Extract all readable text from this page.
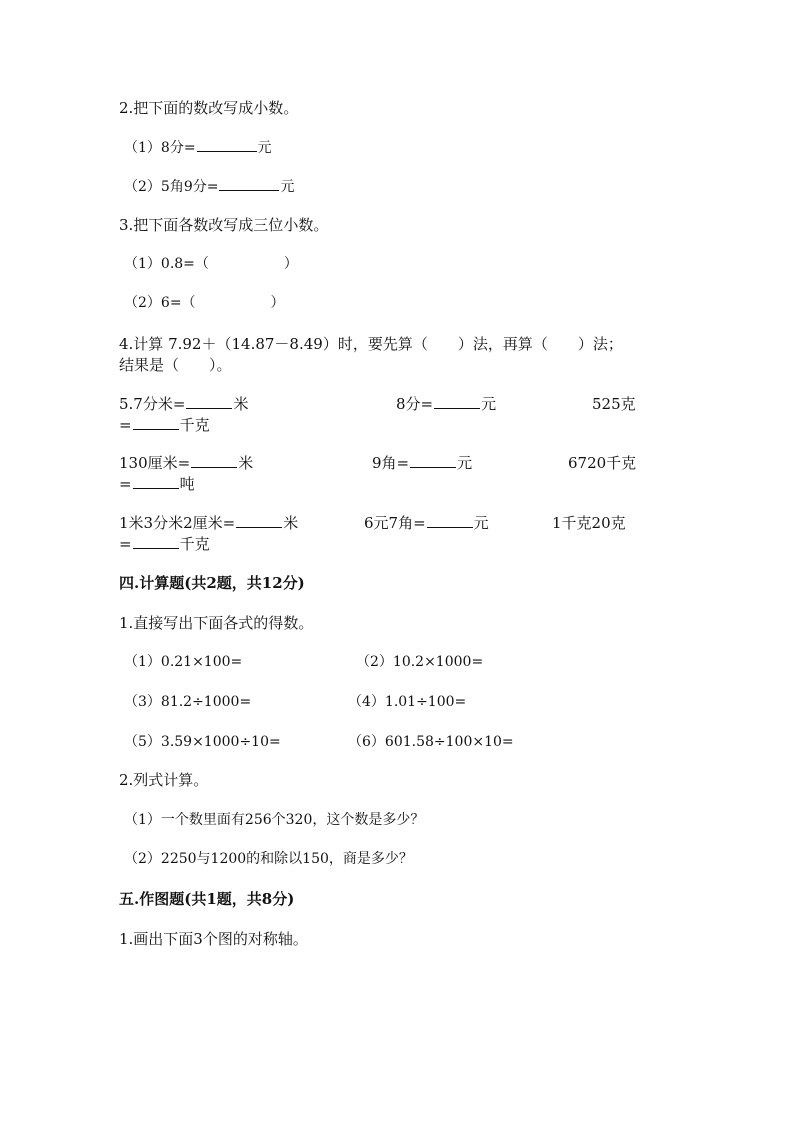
2.把下面的数改写成小数。
（1）8分=	元
（2）5角9分=	元
3.把下面各数改写成三位小数。
（1）0.8=（	）
（2）6=（	）
4.计算 7.92＋（14.87－8.49）时，要先算（　　）法，再算（　　）法；
结果是（　　）。
5.7分米=	米	8分=	元	525克
=	千克
130厘米=	米	9角=	元	6720千克
=	吨
1米3分米2厘米=	米	6元7角=	元	1千克20克
=	千克
四.计算题(共2题，共12分)
1.直接写出下面各式的得数。
（1）0.21×100=	（2）10.2×1000=
（3）81.2÷1000=	（4）1.01÷100=
（5）3.59×1000÷10=	（6）601.58÷100×10=
2.列式计算。
（1）一个数里面有256个320，这个数是多少？
（2）2250与1200的和除以150，商是多少？
五.作图题(共1题，共8分)
1.画出下面3个图的对称轴。
